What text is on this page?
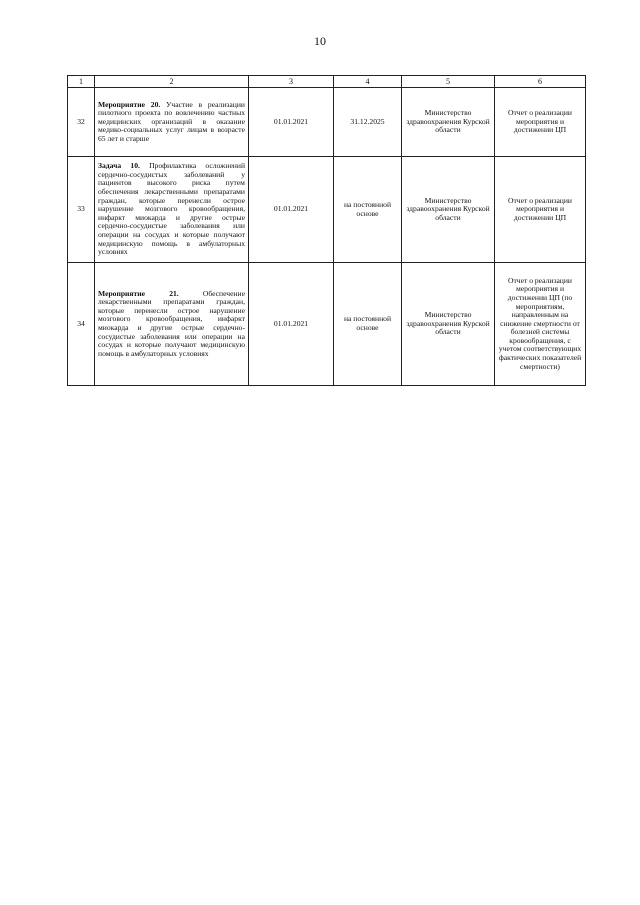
10
1	2	3	4	5	6
32	Мероприятие 20. Участие в реализации пилотного проекта по вовлечению частных медицинских организаций в оказание медико-социальных услуг лицам в возрасте 65 лет и старше	01.01.2021	31.12.2025	Министерство здравоохранения Курской области	Отчет о реализации мероприятия и достижении ЦП
33	Задача 10. Профилактика осложнений сердечно-сосудистых заболеваний у пациентов высокого риска путем обеспечения лекарственными препаратами граждан, которые перенесли острое нарушение мозгового кровообращения, инфаркт миокарда и другие острые сердечно-сосудистые заболевания или операции на сосудах и которые получают медицинскую помощь в амбулаторных условиях	01.01.2021	на постоянной основе	Министерство здравоохранения Курской области	Отчет о реализации мероприятия и достижении ЦП
34	Мероприятие 21. Обеспечение лекарственными препаратами граждан, которые перенесли острое нарушение мозгового кровообращения, инфаркт миокарда и другие острые сердечно-сосудистые заболевания или операции на сосудах и которые получают медицинскую помощь в амбулаторных условиях	01.01.2021	на постоянной основе	Министерство здравоохранения Курской области	Отчет о реализации мероприятия и достижении ЦП (по мероприятиям, направленным на снижение смертности от болезней системы кровообращения, с учетом соответствующих фактических показателей смертности)
